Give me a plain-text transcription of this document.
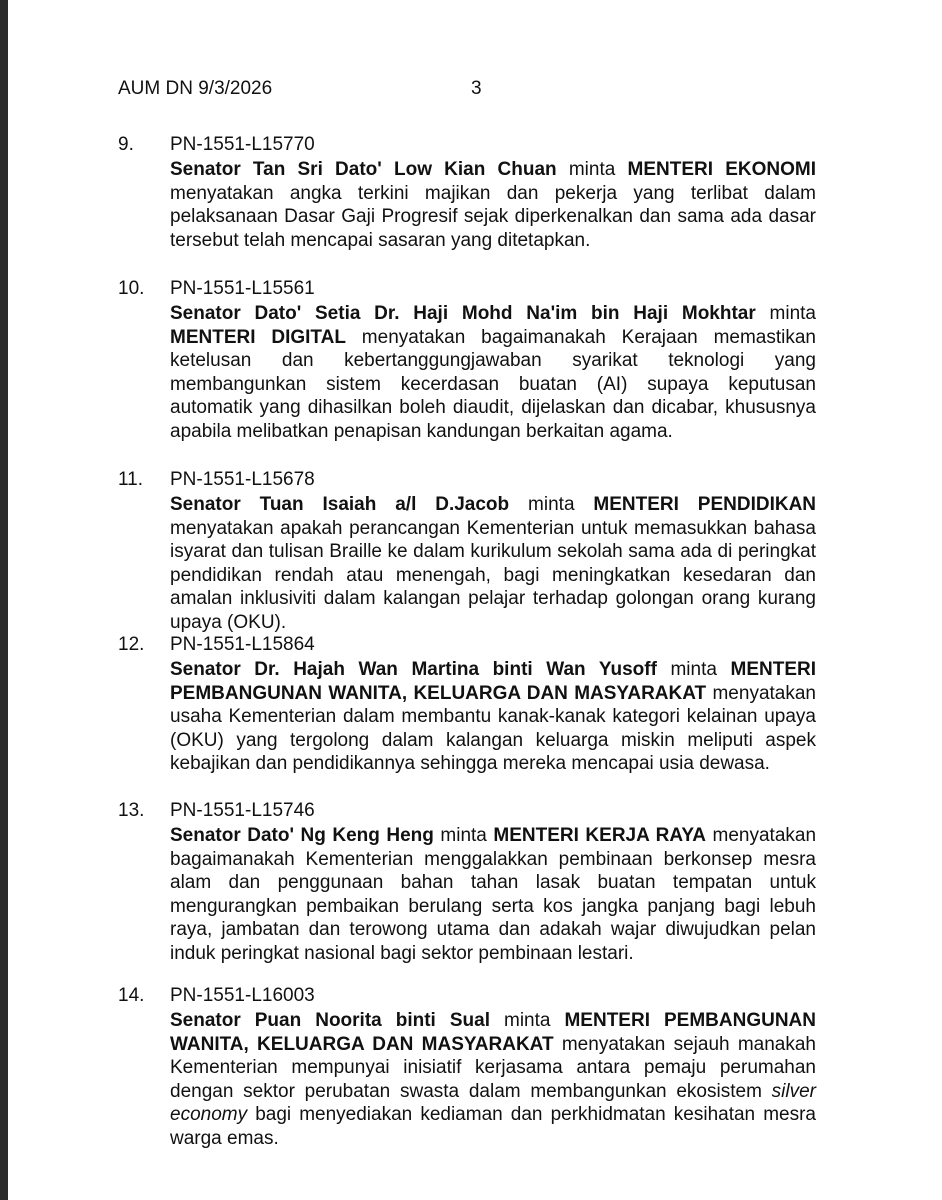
AUM DN 9/3/2026	3
9. PN-1551-L15770

Senator Tan Sri Dato' Low Kian Chuan minta MENTERI EKONOMI menyatakan angka terkini majikan dan pekerja yang terlibat dalam pelaksanaan Dasar Gaji Progresif sejak diperkenalkan dan sama ada dasar tersebut telah mencapai sasaran yang ditetapkan.

10. PN-1551-L15561

Senator Dato' Setia Dr. Haji Mohd Na'im bin Haji Mokhtar minta MENTERI DIGITAL menyatakan bagaimanakah Kerajaan memastikan ketelusan dan kebertanggungjawaban syarikat teknologi yang membangunkan sistem kecerdasan buatan (AI) supaya keputusan automatik yang dihasilkan boleh diaudit, dijelaskan dan dicabar, khususnya apabila melibatkan penapisan kandungan berkaitan agama.

11. PN-1551-L15678

Senator Tuan Isaiah a/l D.Jacob minta MENTERI PENDIDIKAN menyatakan apakah perancangan Kementerian untuk memasukkan bahasa isyarat dan tulisan Braille ke dalam kurikulum sekolah sama ada di peringkat pendidikan rendah atau menengah, bagi meningkatkan kesedaran dan amalan inklusiviti dalam kalangan pelajar terhadap golongan orang kurang upaya (OKU).

12. PN-1551-L15864

Senator Dr. Hajah Wan Martina binti Wan Yusoff minta MENTERI PEMBANGUNAN WANITA, KELUARGA DAN MASYARAKAT menyatakan usaha Kementerian dalam membantu kanak-kanak kategori kelainan upaya (OKU) yang tergolong dalam kalangan keluarga miskin meliputi aspek kebajikan dan pendidikannya sehingga mereka mencapai usia dewasa.

13. PN-1551-L15746

Senator Dato' Ng Keng Heng minta MENTERI KERJA RAYA menyatakan bagaimanakah Kementerian menggalakkan pembinaan berkonsep mesra alam dan penggunaan bahan tahan lasak buatan tempatan untuk mengurangkan pembaikan berulang serta kos jangka panjang bagi lebuh raya, jambatan dan terowong utama dan adakah wajar diwujudkan pelan induk peringkat nasional bagi sektor pembinaan lestari.

14. PN-1551-L16003

Senator Puan Noorita binti Sual minta MENTERI PEMBANGUNAN WANITA, KELUARGA DAN MASYARAKAT menyatakan sejauh manakah Kementerian mempunyai inisiatif kerjasama antara pemaju perumahan dengan sektor perubatan swasta dalam membangunkan ekosistem silver economy bagi menyediakan kediaman dan perkhidmatan kesihatan mesra warga emas.
